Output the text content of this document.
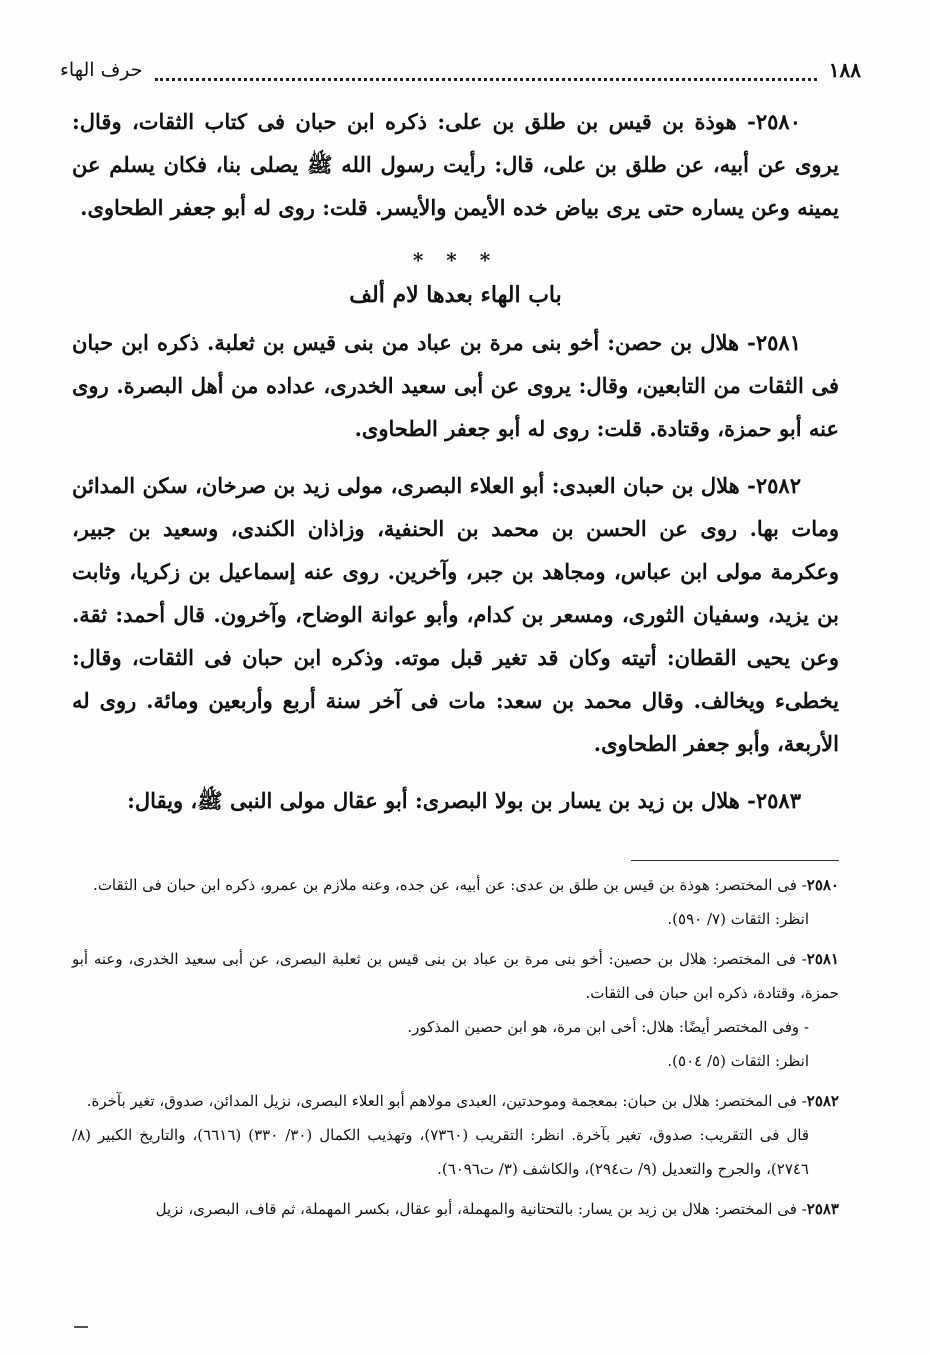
١٨٨
حرف الهاء

٢٥٨٠- هوذة بن قيس بن طلق بن على: ذكره ابن حبان فى كتاب الثقات، وقال: يروى عن أبيه، عن طلق بن على، قال: رأيت رسول الله ﷺ يصلى بنا، فكان يسلم عن يمينه وعن يساره حتى يرى بياض خده الأيمن والأيسر. قلت: روى له أبو جعفر الطحاوى.

* * *
باب الهاء بعدها لام ألف

٢٥٨١- هلال بن حصن: أخو بنى مرة بن عباد من بنى قيس بن ثعلبة. ذكره ابن حبان فى الثقات من التابعين، وقال: يروى عن أبى سعيد الخدرى، عداده من أهل البصرة. روى عنه أبو حمزة، وقتادة. قلت: روى له أبو جعفر الطحاوى.

٢٥٨٢- هلال بن حبان العبدى: أبو العلاء البصرى، مولى زيد بن صرخان، سكن المدائن ومات بها. روى عن الحسن بن محمد بن الحنفية، وزاذان الكندى، وسعيد بن جبير، وعكرمة مولى ابن عباس، ومجاهد بن جبر، وآخرين. روى عنه إسماعيل بن زكريا، وثابت بن يزيد، وسفيان الثورى، ومسعر بن كدام، وأبو عوانة الوضاح، وآخرون. قال أحمد: ثقة. وعن يحيى القطان: أتيته وكان قد تغير قبل موته. وذكره ابن حبان فى الثقات، وقال: يخطىء ويخالف. وقال محمد بن سعد: مات فى آخر سنة أربع وأربعين ومائة. روى له الأربعة، وأبو جعفر الطحاوى.

٢٥٨٣- هلال بن زيد بن يسار بن بولا البصرى: أبو عقال مولى النبى ﷺ، ويقال:

٢٥٨٠- فى المختصر: هوذة بن قيس بن طلق بن عدى: عن أبيه، عن جده، وعنه ملازم بن عمرو، ذكره ابن حبان فى الثقات.
انظر: الثقات (٧/ ٥٩٠).
٢٥٨١- فى المختصر: هلال بن حصين: أخو بنى مرة بن عباد بن بنى قيس بن ثعلبة البصرى، عن أبى سعيد الخدرى، وعنه أبو حمزة، وقتادة، ذكره ابن حبان فى الثقات.
- وفى المختصر أيضًا: هلال: أخى ابن مرة، هو ابن حصين المذكور.
انظر: الثقات (٥/ ٥٠٤).
٢٥٨٢- فى المختصر: هلال بن حبان: بمعجمة وموحدتين، العبدى مولاهم أبو العلاء البصرى، نزيل المدائن، صدوق، تغير بآخرة.
قال فى التقريب: صدوق، تغير بآخرة. انظر: التقريب (٧٣٦٠)، وتهذيب الكمال (٣٠/ ٣٣٠) (٦٦١٦)، والتاريخ الكبير (٨/ ٢٧٤٦)، والجرح والتعديل (٩/ ت٢٩٤)، والكاشف (٣/ ت٦٠٩٦).
٢٥٨٣- فى المختصر: هلال بن زيد بن يسار: بالتحتانية والمهملة، أبو عقال، بكسر المهملة، ثم قاف، البصرى، نزيل
